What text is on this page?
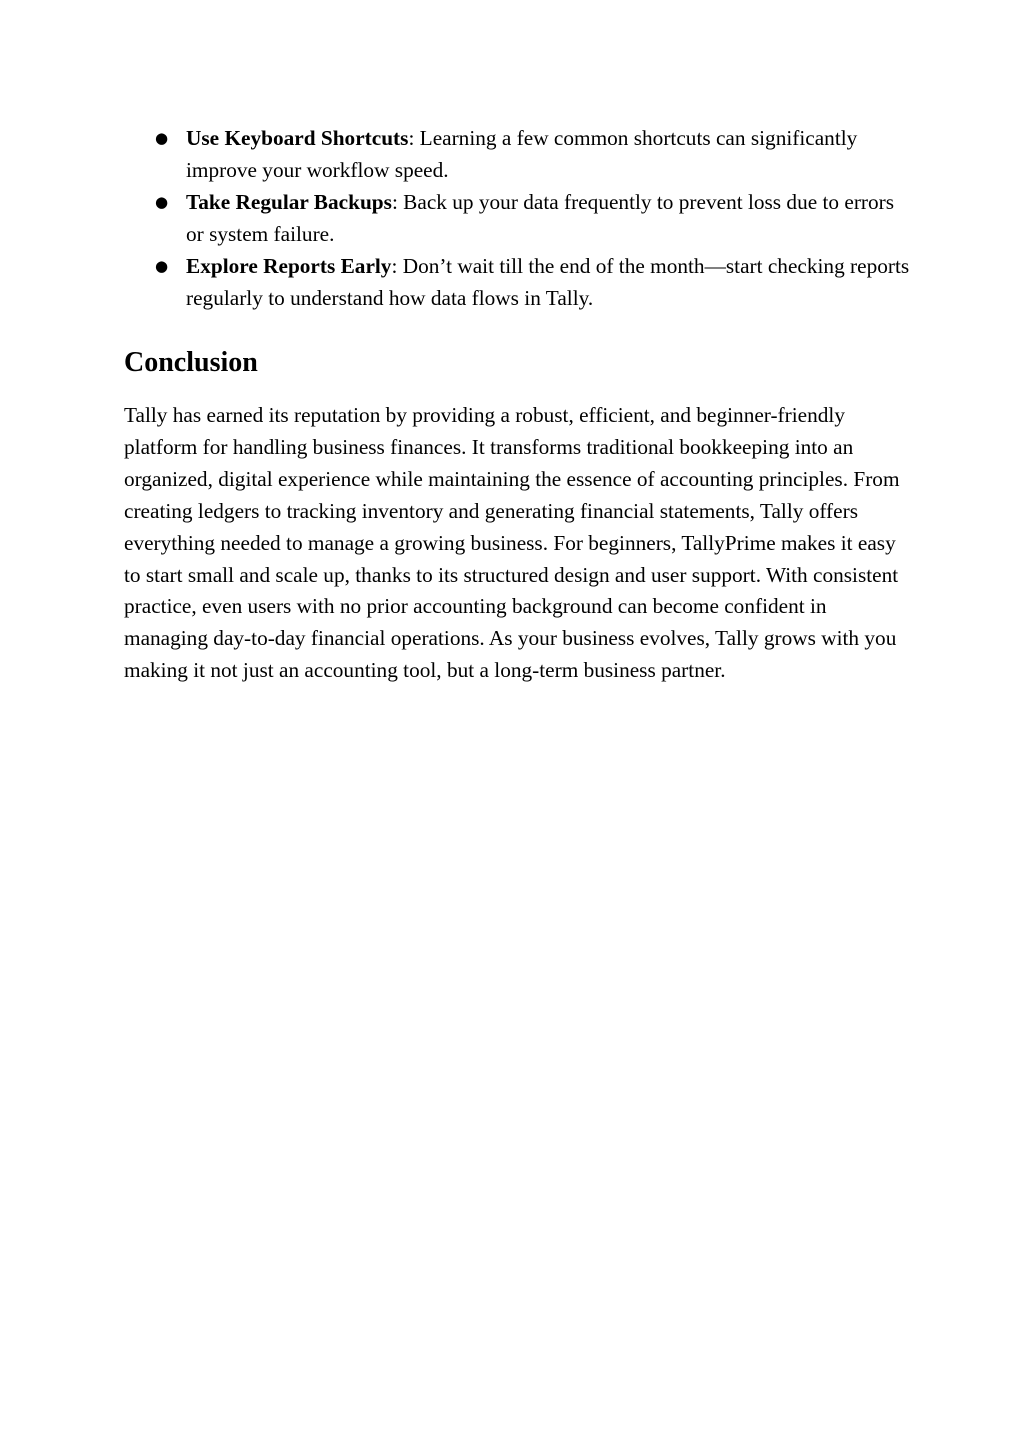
● Use Keyboard Shortcuts: Learning a few common shortcuts can significantly improve your workflow speed.
● Take Regular Backups: Back up your data frequently to prevent loss due to errors or system failure.
● Explore Reports Early: Don’t wait till the end of the month—start checking reports regularly to understand how data flows in Tally.
Conclusion

Tally has earned its reputation by providing a robust, efficient, and beginner-friendly platform for handling business finances. It transforms traditional bookkeeping into an organized, digital experience while maintaining the essence of accounting principles. From creating ledgers to tracking inventory and generating financial statements, Tally offers everything needed to manage a growing business. For beginners, TallyPrime makes it easy to start small and scale up, thanks to its structured design and user support. With consistent practice, even users with no prior accounting background can become confident in managing day-to-day financial operations. As your business evolves, Tally grows with you making it not just an accounting tool, but a long-term business partner.
